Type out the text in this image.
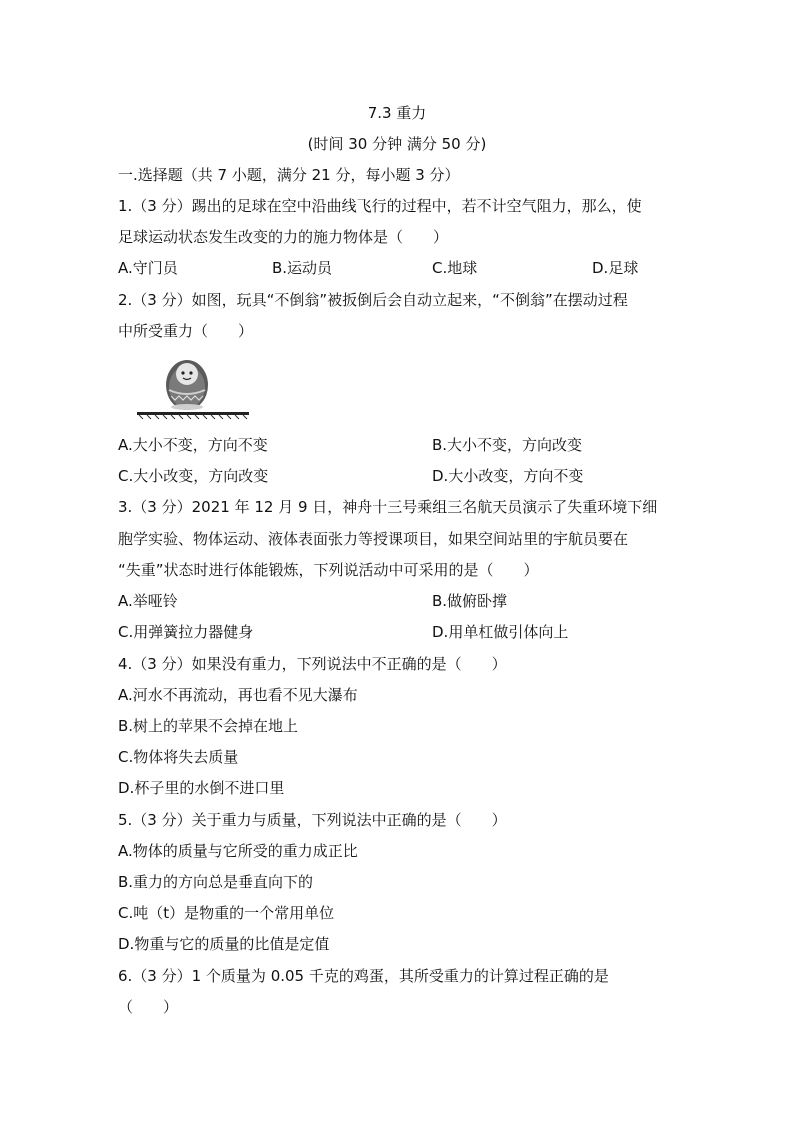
7.3 重力
(时间 30 分钟 满分 50 分)
一.选择题（共 7 小题，满分 21 分，每小题 3 分）
1.（3 分）踢出的足球在空中沿曲线飞行的过程中，若不计空气阻力，那么，使
足球运动状态发生改变的力的施力物体是（　　）
A.守门员	B.运动员	C.地球	D.足球
2.（3 分）如图，玩具“不倒翁”被扳倒后会自动立起来，“不倒翁”在摆动过程
中所受重力（　　）
A.大小不变，方向不变	B.大小不变，方向改变
C.大小改变，方向改变	D.大小改变，方向不变
3.（3 分）2021 年 12 月 9 日，神舟十三号乘组三名航天员演示了失重环境下细
胞学实验、物体运动、液体表面张力等授课项目，如果空间站里的宇航员要在
“失重”状态时进行体能锻炼，下列说活动中可采用的是（　　）
A.举哑铃	B.做俯卧撑
C.用弹簧拉力器健身	D.用单杠做引体向上
4.（3 分）如果没有重力，下列说法中不正确的是（　　）
A.河水不再流动，再也看不见大瀑布
B.树上的苹果不会掉在地上
C.物体将失去质量
D.杯子里的水倒不进口里
5.（3 分）关于重力与质量，下列说法中正确的是（　　）
A.物体的质量与它所受的重力成正比
B.重力的方向总是垂直向下的
C.吨（t）是物重的一个常用单位
D.物重与它的质量的比值是定值
6.（3 分）1 个质量为 0.05 千克的鸡蛋，其所受重力的计算过程正确的是
（　　）
